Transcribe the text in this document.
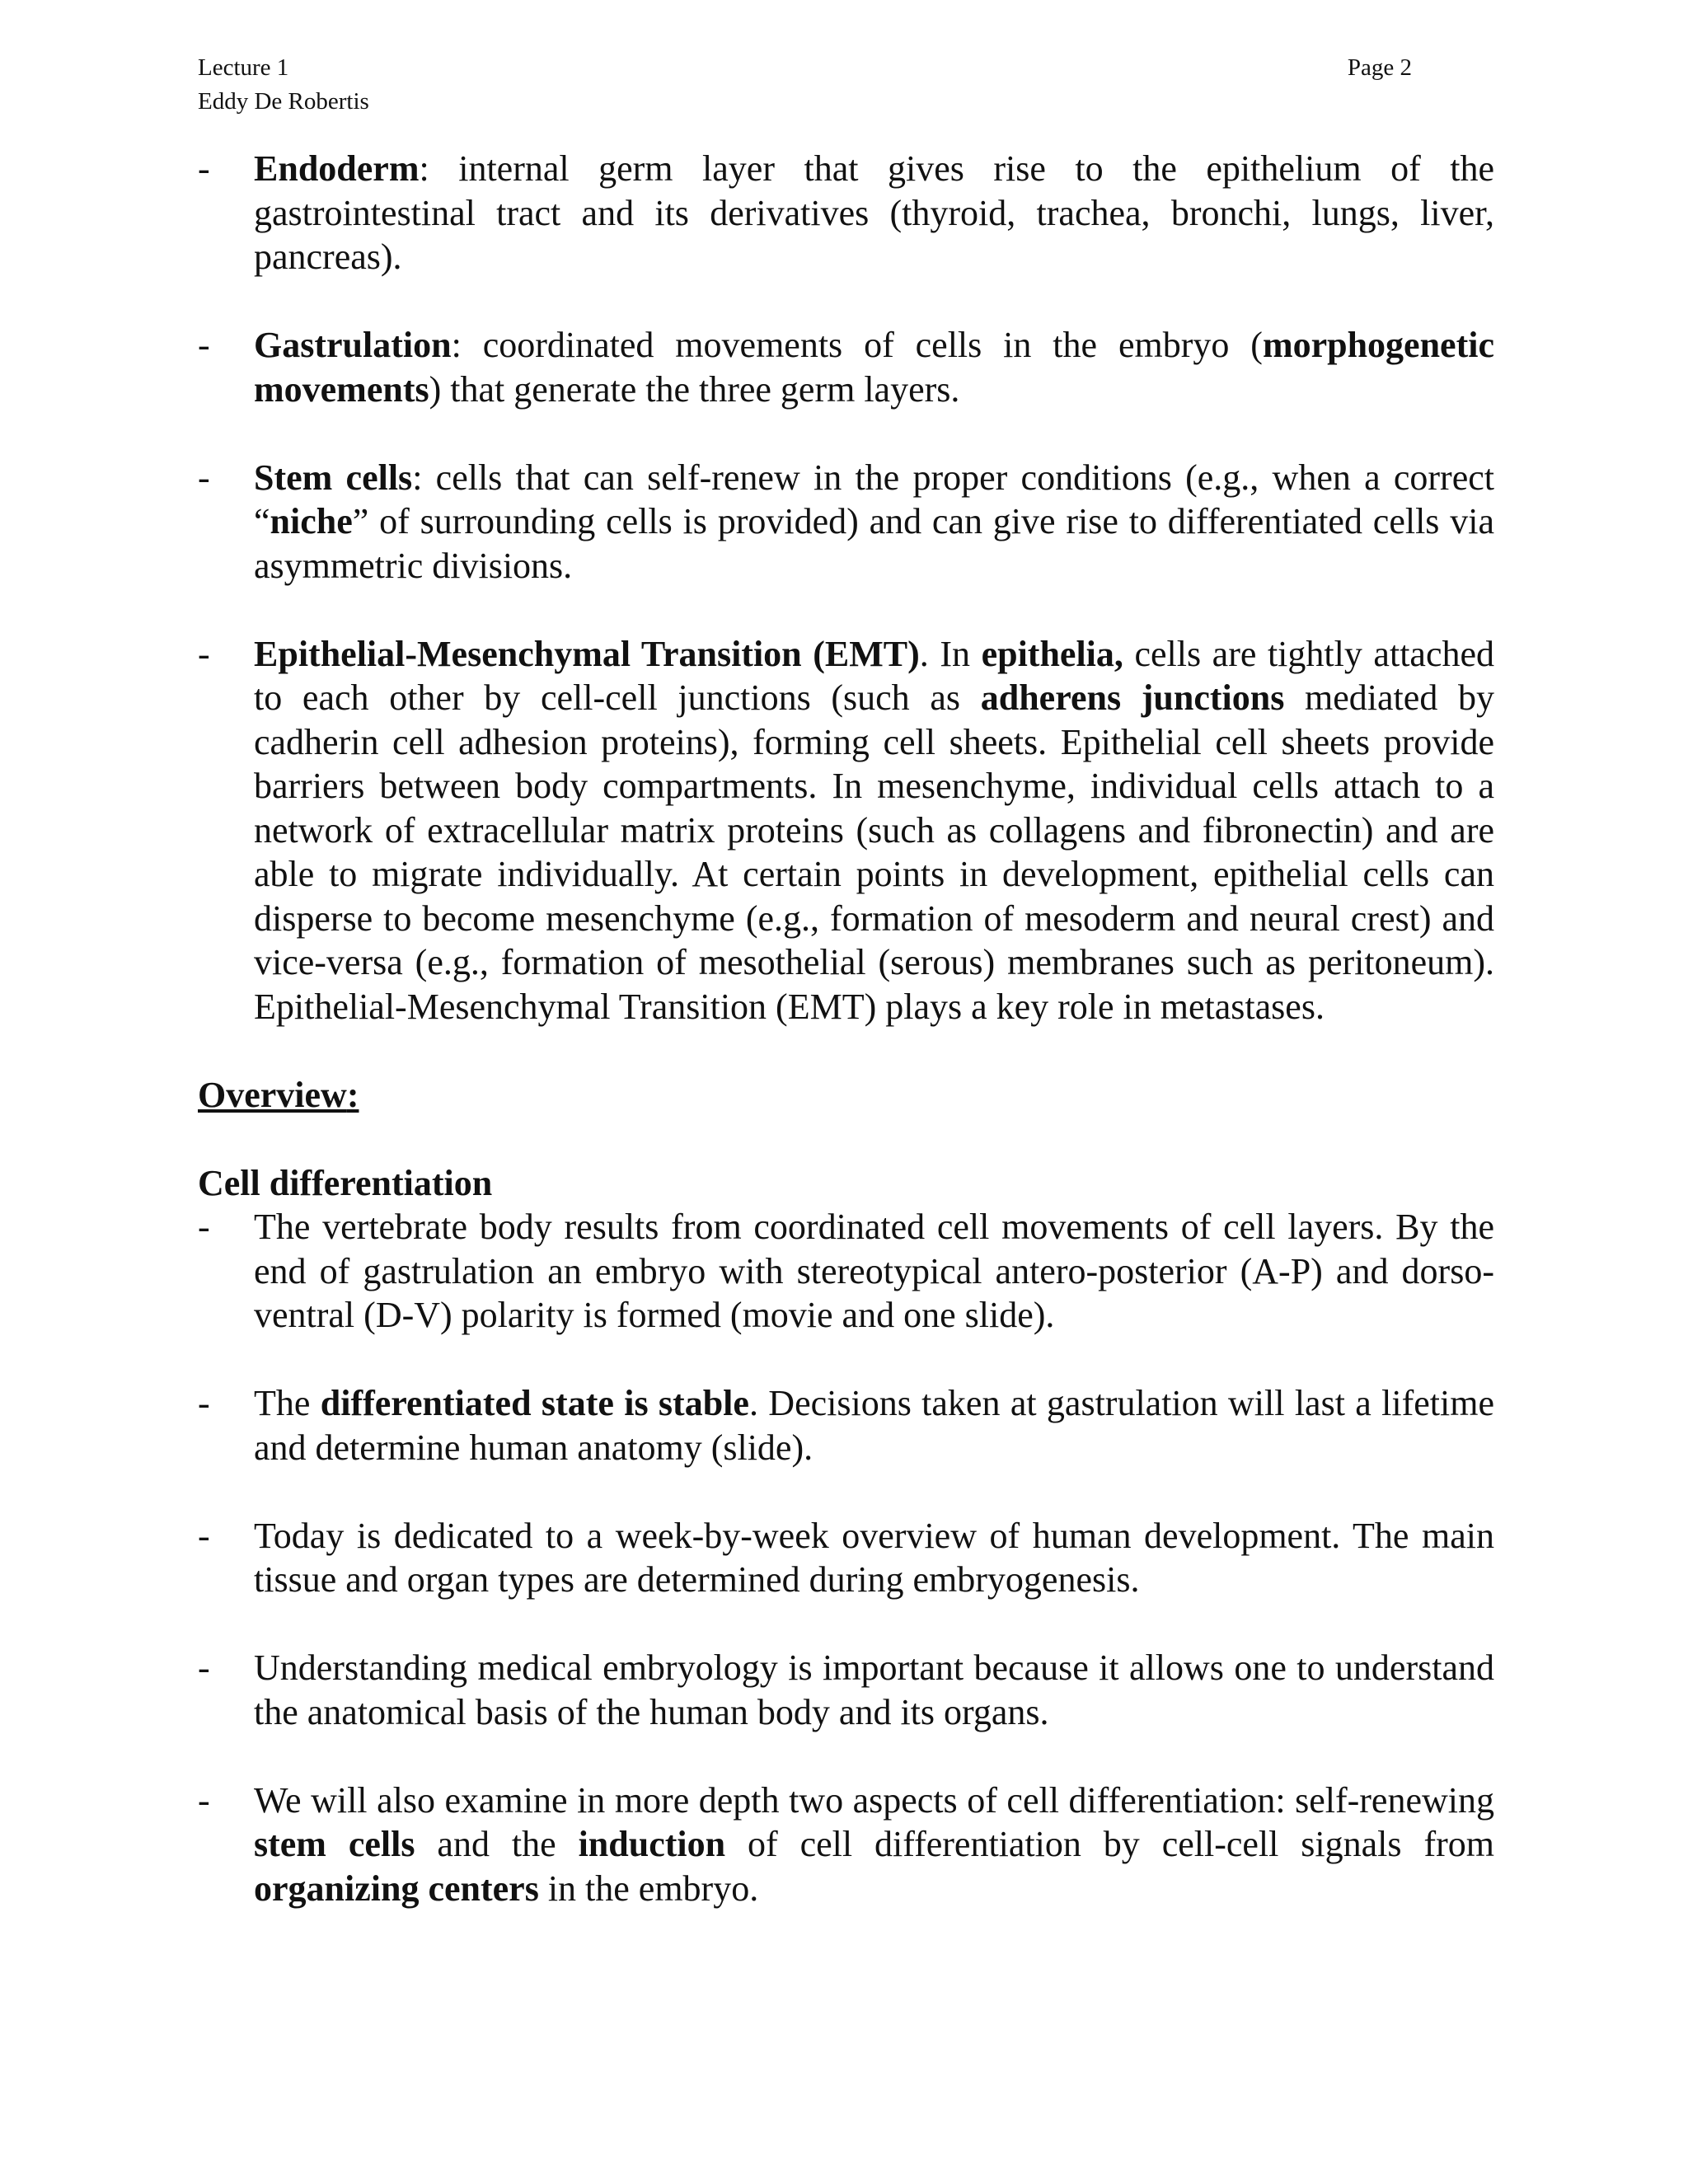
Lecture 1	Page 2
Eddy De Robertis
- Endoderm: internal germ layer that gives rise to the epithelium of the gastrointestinal tract and its derivatives (thyroid, trachea, bronchi, lungs, liver, pancreas).

- Gastrulation: coordinated movements of cells in the embryo (morphogenetic movements) that generate the three germ layers.

- Stem cells: cells that can self-renew in the proper conditions (e.g., when a correct “niche” of surrounding cells is provided) and can give rise to differentiated cells via asymmetric divisions.

- Epithelial-Mesenchymal Transition (EMT). In epithelia, cells are tightly attached to each other by cell-cell junctions (such as adherens junctions mediated by cadherin cell adhesion proteins), forming cell sheets. Epithelial cell sheets provide barriers between body compartments. In mesenchyme, individual cells attach to a network of extracellular matrix proteins (such as collagens and fibronectin) and are able to migrate individually. At certain points in development, epithelial cells can disperse to become mesenchyme (e.g., formation of mesoderm and neural crest) and vice-versa (e.g., formation of mesothelial (serous) membranes such as peritoneum). Epithelial-Mesenchymal Transition (EMT) plays a key role in metastases.

Overview:
Cell differentiation
- The vertebrate body results from coordinated cell movements of cell layers. By the end of gastrulation an embryo with stereotypical antero-posterior (A-P) and dorso-ventral (D-V) polarity is formed (movie and one slide).

- The differentiated state is stable. Decisions taken at gastrulation will last a lifetime and determine human anatomy (slide).

- Today is dedicated to a week-by-week overview of human development. The main tissue and organ types are determined during embryogenesis.

- Understanding medical embryology is important because it allows one to understand the anatomical basis of the human body and its organs.

- We will also examine in more depth two aspects of cell differentiation: self-renewing stem cells and the induction of cell differentiation by cell-cell signals from organizing centers in the embryo.
